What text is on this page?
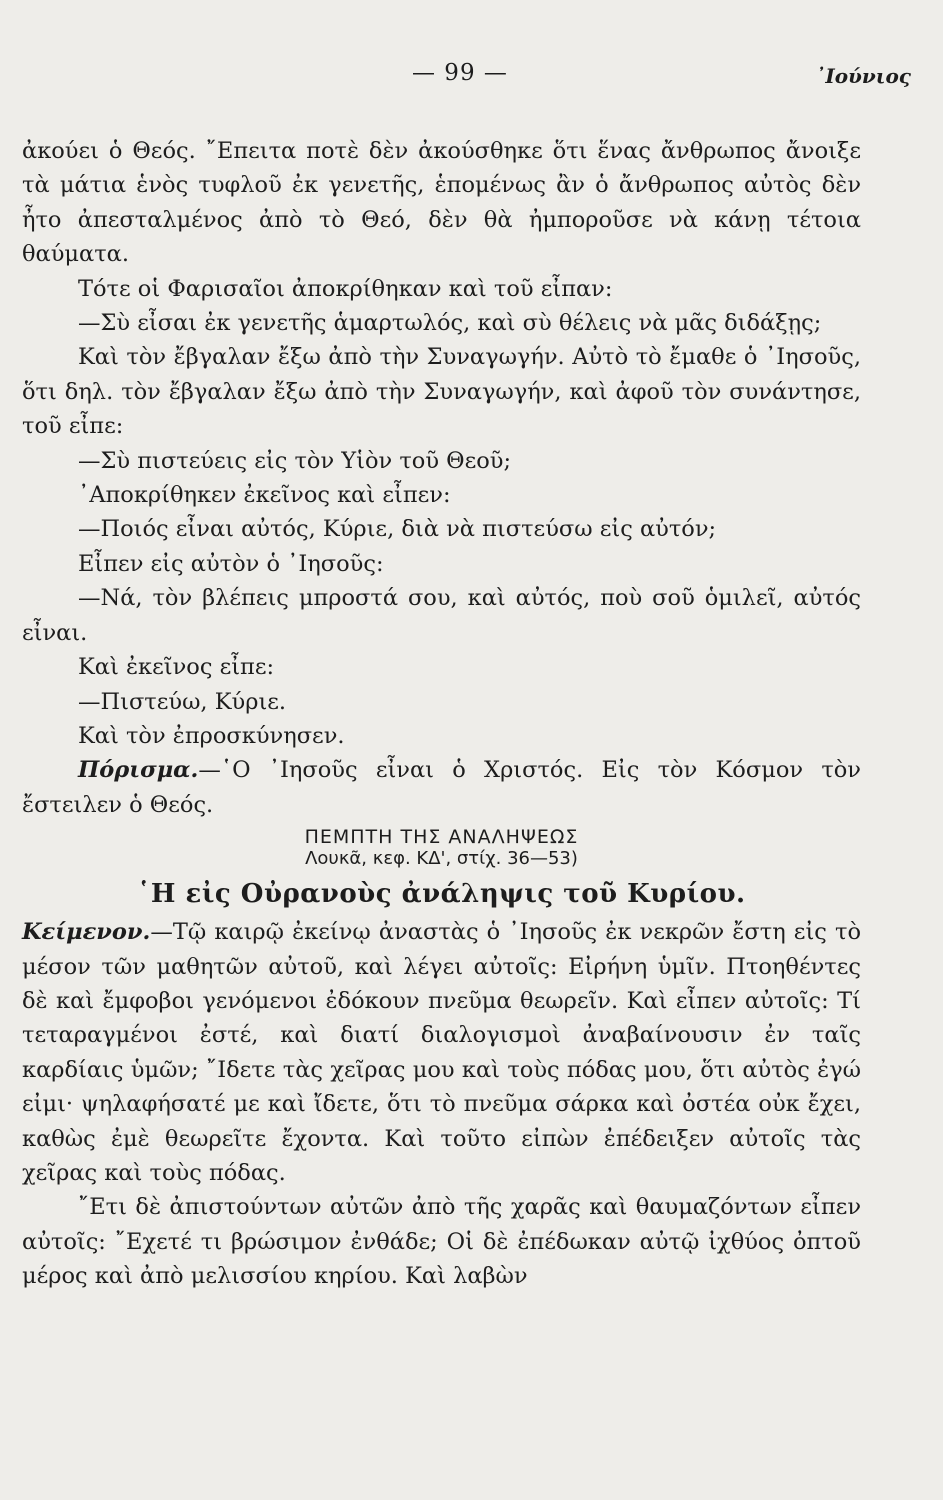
— 99 —	᾿Ιούνιος

ἀκούει ὁ Θεός. ῎Επειτα ποτὲ δὲν ἀκούσθηκε ὅτι ἕνας ἄνθρωπος ἄνοιξε τὰ μάτια ἑνὸς τυφλοῦ ἐκ γενετῆς, ἑπομένως ἂν ὁ ἄνθρωπος αὐτὸς δὲν ἦτο ἀπεσταλμένος ἀπὸ τὸ Θεό, δὲν θὰ ἠμποροῦσε νὰ κάνῃ τέτοια θαύματα.

Τότε οἱ Φαρισαῖοι ἀποκρίθηκαν καὶ τοῦ εἶπαν:

—Σὺ εἶσαι ἐκ γενετῆς ἁμαρτωλός, καὶ σὺ θέλεις νὰ μᾶς διδάξῃς;

Καὶ τὸν ἔβγαλαν ἔξω ἀπὸ τὴν Συναγωγήν. Αὐτὸ τὸ ἔμαθε ὁ ᾿Ιησοῦς, ὅτι δηλ. τὸν ἔβγαλαν ἔξω ἀπὸ τὴν Συναγωγήν, καὶ ἀφοῦ τὸν συνάντησε, τοῦ εἶπε:

—Σὺ πιστεύεις εἰς τὸν Υἱὸν τοῦ Θεοῦ;

᾿Αποκρίθηκεν ἐκεῖνος καὶ εἶπεν:

—Ποιός εἶναι αὐτός, Κύριε, διὰ νὰ πιστεύσω εἰς αὐτόν;

Εἶπεν εἰς αὐτὸν ὁ ᾿Ιησοῦς:

—Νά, τὸν βλέπεις μπροστά σου, καὶ αὐτός, ποὺ σοῦ ὁμιλεῖ, αὐτός εἶναι.

Καὶ ἐκεῖνος εἶπε:

—Πιστεύω, Κύριε.

Καὶ τὸν ἐπροσκύνησεν.

Πόρισμα.—῾Ο ᾿Ιησοῦς εἶναι ὁ Χριστός. Εἰς τὸν Κόσμον τὸν ἔστειλεν ὁ Θεός.

ΠΕΜΠΤΗ ΤΗΣ ΑΝΑΛΗΨΕΩΣ
Λουκᾶ, κεφ. ΚΔ', στίχ. 36—53)
῾Η εἰς Οὐρανοὺς ἀνάληψις τοῦ Κυρίου.

Κείμενον.—Τῷ καιρῷ ἐκείνῳ ἀναστὰς ὁ ᾿Ιησοῦς ἐκ νεκρῶν ἔστη εἰς τὸ μέσον τῶν μαθητῶν αὐτοῦ, καὶ λέγει αὐτοῖς: Εἰρήνη ὑμῖν. Πτοηθέντες δὲ καὶ ἔμφοβοι γενόμενοι ἐδόκουν πνεῦμα θεωρεῖν. Καὶ εἶπεν αὐτοῖς: Τί τεταραγμένοι ἐστέ, καὶ διατί διαλογισμοὶ ἀναβαίνουσιν ἐν ταῖς καρδίαις ὑμῶν; ῎Ιδετε τὰς χεῖρας μου καὶ τοὺς πόδας μου, ὅτι αὐτὸς ἐγώ εἰμι· ψηλαφήσατέ με καὶ ἴδετε, ὅτι τὸ πνεῦμα σάρκα καὶ ὀστέα οὐκ ἔχει, καθὼς ἐμὲ θεωρεῖτε ἔχοντα. Καὶ τοῦτο εἰπὼν ἐπέδειξεν αὐτοῖς τὰς χεῖρας καὶ τοὺς πόδας.

῎Ετι δὲ ἀπιστούντων αὐτῶν ἀπὸ τῆς χαρᾶς καὶ θαυμαζόντων εἶπεν αὐτοῖς: ῎Εχετέ τι βρώσιμον ἐνθάδε; Οἱ δὲ ἐπέδωκαν αὐτῷ ἰχθύος ὀπτοῦ μέρος καὶ ἀπὸ μελισσίου κηρίου. Καὶ λαβὼν
